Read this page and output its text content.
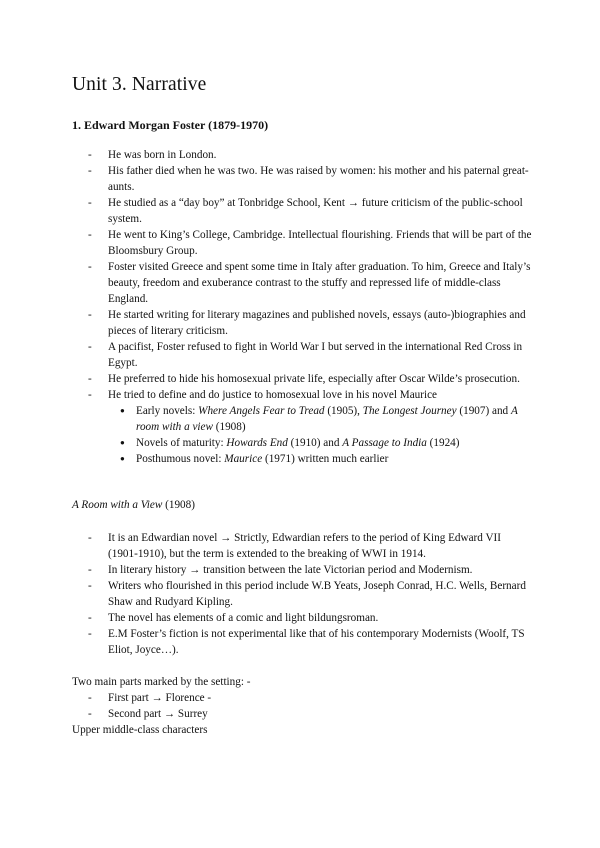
Unit 3. Narrative
1. Edward Morgan Foster (1879-1970)
- He was born in London.
- His father died when he was two. He was raised by women: his mother and his paternal great-aunts.
- He studied as a “day boy” at Tonbridge School, Kent → future criticism of the public-school system.
- He went to King’s College, Cambridge. Intellectual flourishing. Friends that will be part of the Bloomsbury Group.
- Foster visited Greece and spent some time in Italy after graduation. To him, Greece and Italy’s beauty, freedom and exuberance contrast to the stuffy and repressed life of middle-class England.
- He started writing for literary magazines and published novels, essays (auto-)biographies and pieces of literary criticism.
- A pacifist, Foster refused to fight in World War I but served in the international Red Cross in Egypt.
- He preferred to hide his homosexual private life, especially after Oscar Wilde’s prosecution.
- He tried to define and do justice to homosexual love in his novel Maurice
● Early novels: Where Angels Fear to Tread (1905), The Longest Journey (1907) and A room with a view (1908)
● Novels of maturity: Howards End (1910) and A Passage to India (1924)
● Posthumous novel: Maurice (1971) written much earlier
A Room with a View (1908)
- It is an Edwardian novel → Strictly, Edwardian refers to the period of King Edward VII (1901-1910), but the term is extended to the breaking of WWI in 1914.
- In literary history → transition between the late Victorian period and Modernism.
- Writers who flourished in this period include W.B Yeats, Joseph Conrad, H.C. Wells, Bernard Shaw and Rudyard Kipling.
- The novel has elements of a comic and light bildungsroman.
- E.M Foster’s fiction is not experimental like that of his contemporary Modernists (Woolf, TS Eliot, Joyce…).
Two main parts marked by the setting: -
- First part → Florence -
- Second part → Surrey
Upper middle-class characters
